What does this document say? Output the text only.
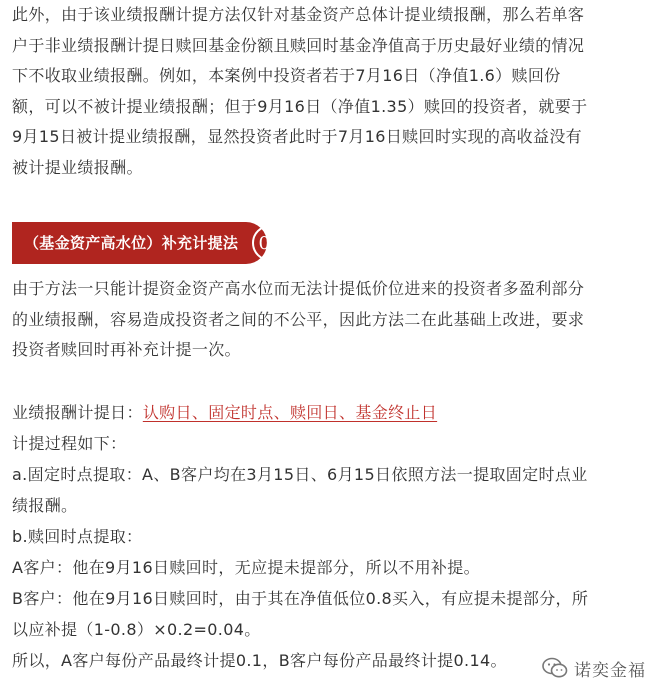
此外，由于该业绩报酬计提方法仅针对基金资产总体计提业绩报酬，那么若单客
户于非业绩报酬计提日赎回基金份额且赎回时基金净值高于历史最好业绩的情况
下不收取业绩报酬。例如，本案例中投资者若于7月16日（净值1.6）赎回份
额，可以不被计提业绩报酬；但于9月16日（净值1.35）赎回的投资者，就要于
9月15日被计提业绩报酬，显然投资者此时于7月16日赎回时实现的高收益没有
被计提业绩报酬。
（基金资产高水位）补充计提法	02
由于方法一只能计提资金资产高水位而无法计提低价位进来的投资者多盈利部分
的业绩报酬，容易造成投资者之间的不公平，因此方法二在此基础上改进，要求
投资者赎回时再补充计提一次。
业绩报酬计提日：认购日、固定时点、赎回日、基金终止日
计提过程如下：
a.固定时点提取：A、B客户均在3月15日、6月15日依照方法一提取固定时点业
绩报酬。
b.赎回时点提取：
A客户：他在9月16日赎回时，无应提未提部分，所以不用补提。
B客户：他在9月16日赎回时，由于其在净值低位0.8买入，有应提未提部分，所
以应补提（1-0.8）×0.2=0.04。
所以，A客户每份产品最终计提0.1，B客户每份产品最终计提0.14。	诺奕金福
